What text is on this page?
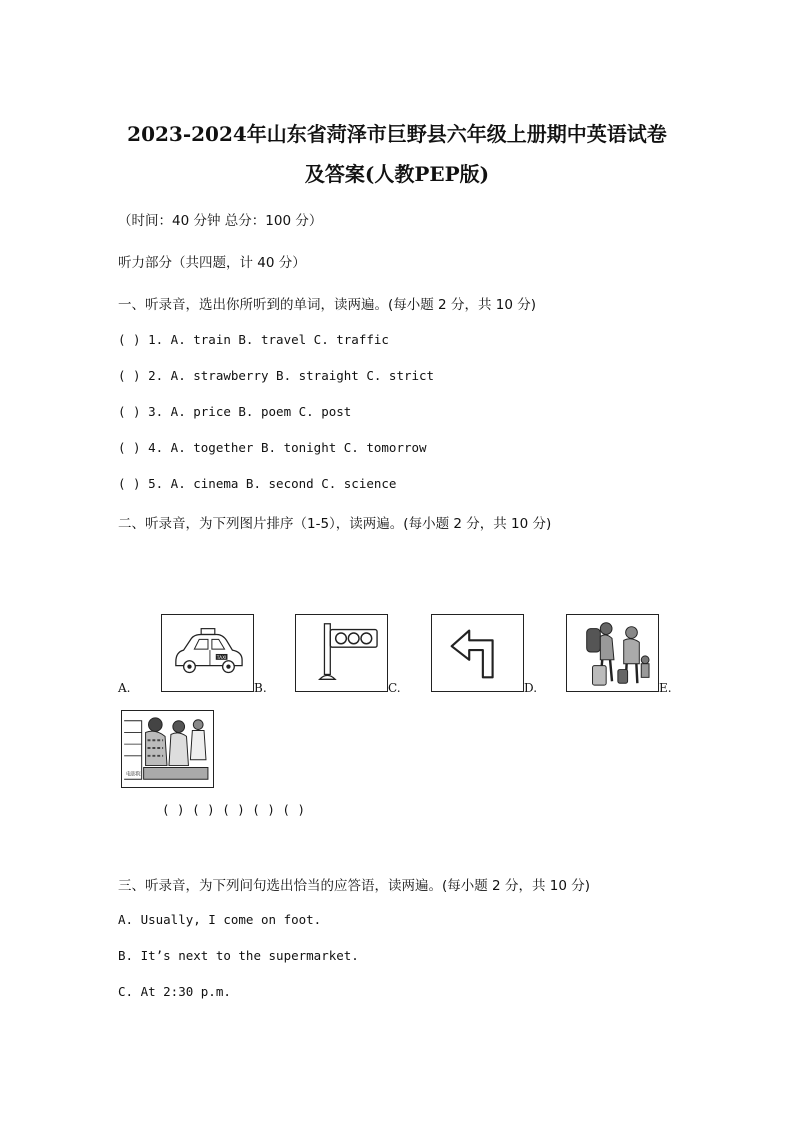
2023-2024年山东省菏泽市巨野县六年级上册期中英语试卷
及答案(人教PEP版)
（时间：40 分钟 总分：100 分）
听力部分（共四题，计 40 分）
一、听录音，选出你所听到的单词，读两遍。(每小题 2 分，共 10 分)
( ) 1. A. train B. travel C. traffic
( ) 2. A. strawberry B. straight C. strict
( ) 3. A. price B. poem C. post
( ) 4. A. together B. tonight C. tomorrow
( ) 5. A. cinema B. second C. science
二、听录音，为下列图片排序（1-5），读两遍。(每小题 2 分，共 10 分)
A.
TAXI
B.	C.	D.	E.
电影院
( ) ( ) ( ) ( ) ( )
三、听录音，为下列问句选出恰当的应答语，读两遍。(每小题 2 分，共 10 分)
A. Usually, I come on foot.
B. It’s next to the supermarket.
C. At 2:30 p.m.
